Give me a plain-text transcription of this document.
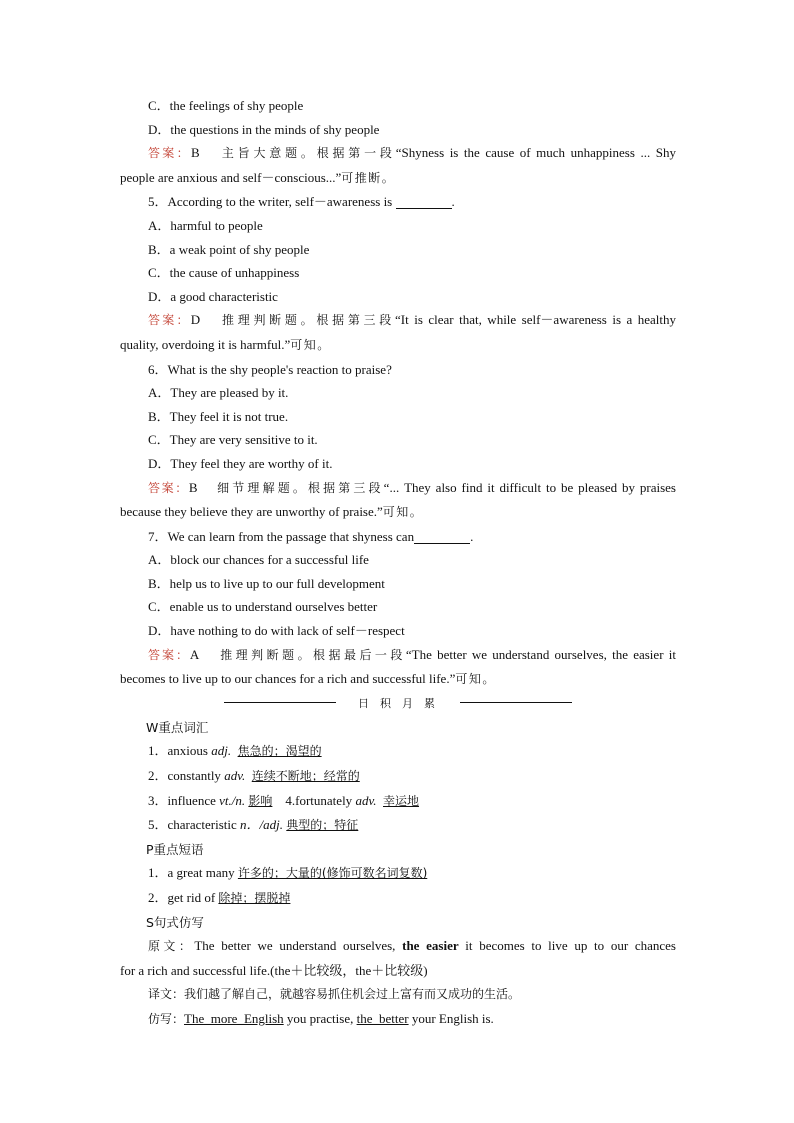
C．the feelings of shy people
D．the questions in the minds of shy people
答案：B 主旨大意题。根据第一段“Shyness is the cause of much unhappiness ... Shy
people are anxious and self－conscious...”可推断。
5．According to the writer, self－awareness is	.
A．harmful to people
B．a weak point of shy people
C．the cause of unhappiness
D．a good characteristic
答案：D 推理判断题。根据第三段“It is clear that, while self－awareness is a healthy
quality, overdoing it is harmful.”可知。
6．What is the shy people's reaction to praise?
A．They are pleased by it.
B．They feel it is not true.
C．They are very sensitive to it.
D．They feel they are worthy of it.
答案：B 细节理解题。根据第三段“... They also find it difficult to be pleased by praises
because they believe they are unworthy of praise.”可知。
7．We can learn from the passage that shyness can	.
A．block our chances for a successful life
B．help us to live up to our full development
C．enable us to understand ourselves better
D．have nothing to do with lack of self－respect
答案：A 推理判断题。根据最后一段“The better we understand ourselves, the easier it
becomes to live up to our chances for a rich and successful life.”可知。
日积月累
W重点词汇
1．anxious adj. 焦急的；渴望的
2．constantly adv. 连续不断地；经常的
3．influence vt./n. 影响 4.fortunately adv. 幸运地
5．characteristic n．/adj. 典型的；特征
P重点短语
1．a great many 许多的；大量的(修饰可数名词复数)
2．get rid of 除掉；摆脱掉
S句式仿写
原文：The better we understand ourselves, the easier it becomes to live up to our chances
for a rich and successful life.(the＋比较级，the＋比较级)
译文：我们越了解自己，就越容易抓住机会过上富有而又成功的生活。
仿写：The_more_English you practise, the_better your English is.
